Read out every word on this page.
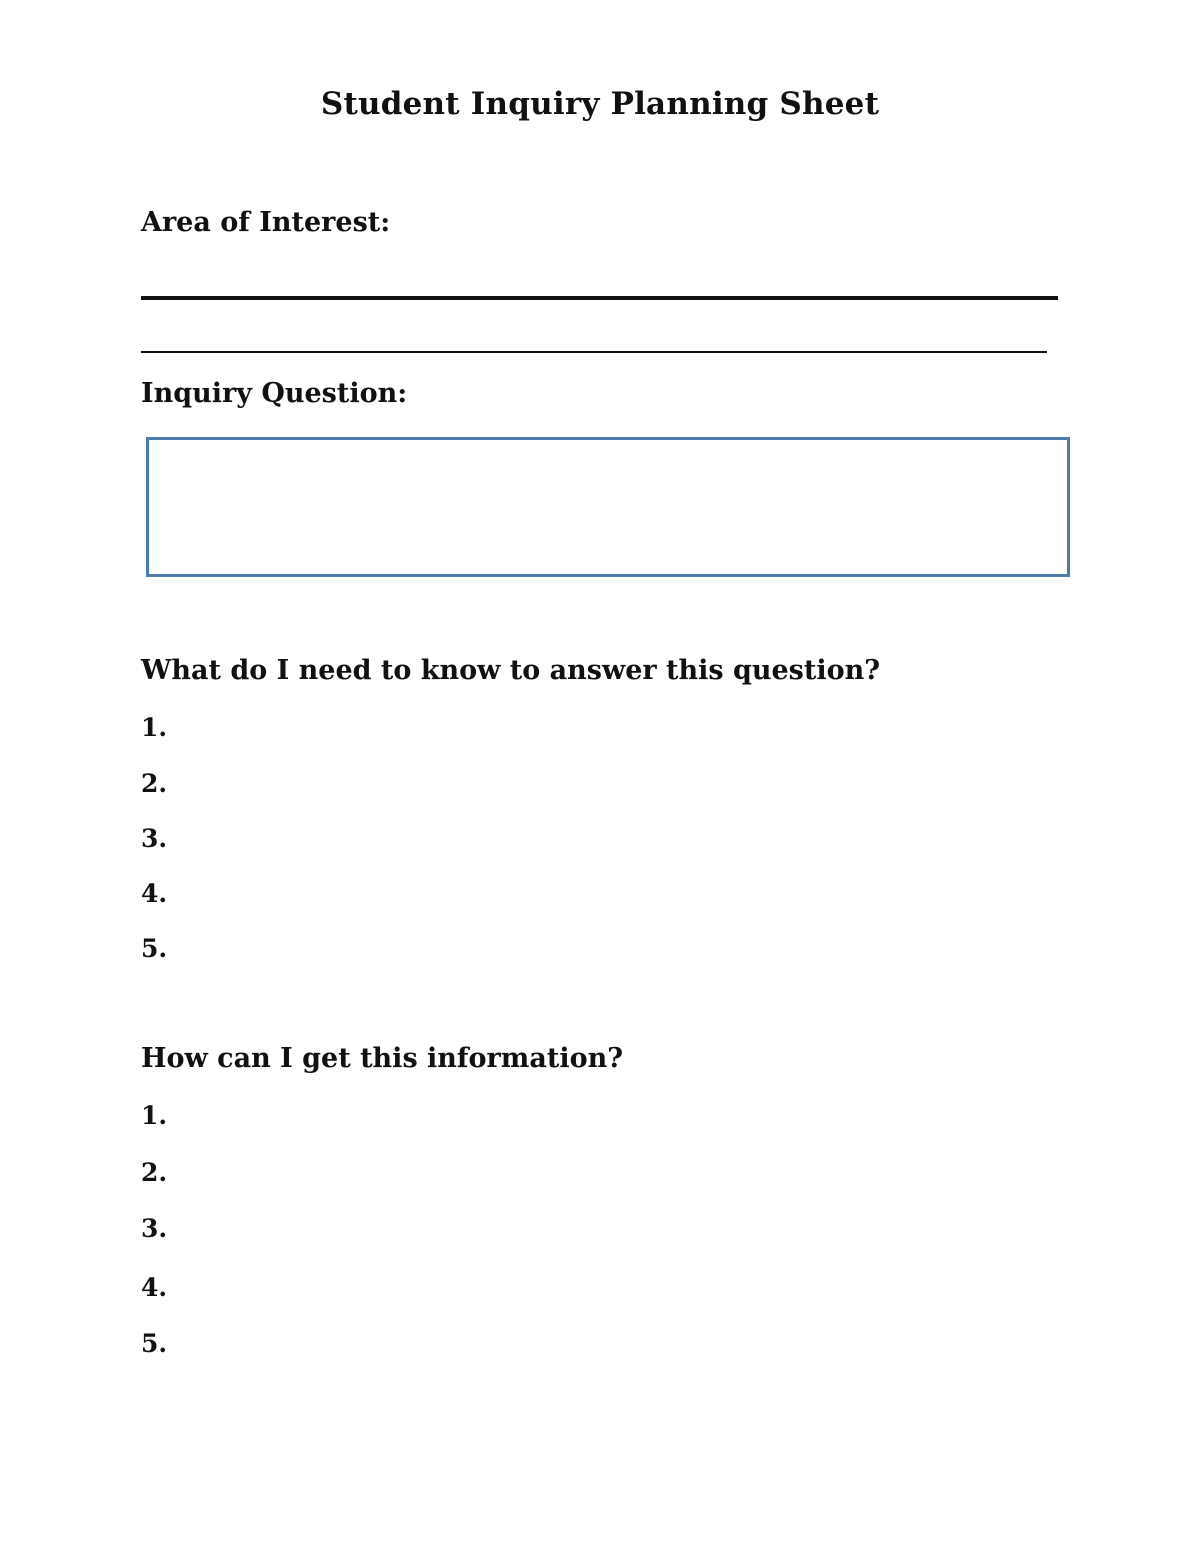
Student Inquiry Planning Sheet
Area of Interest:
Inquiry Question:
What do I need to know to answer this question?
1.
2.
3.
4.
5.
How can I get this information?
1.
2.
3.
4.
5.
